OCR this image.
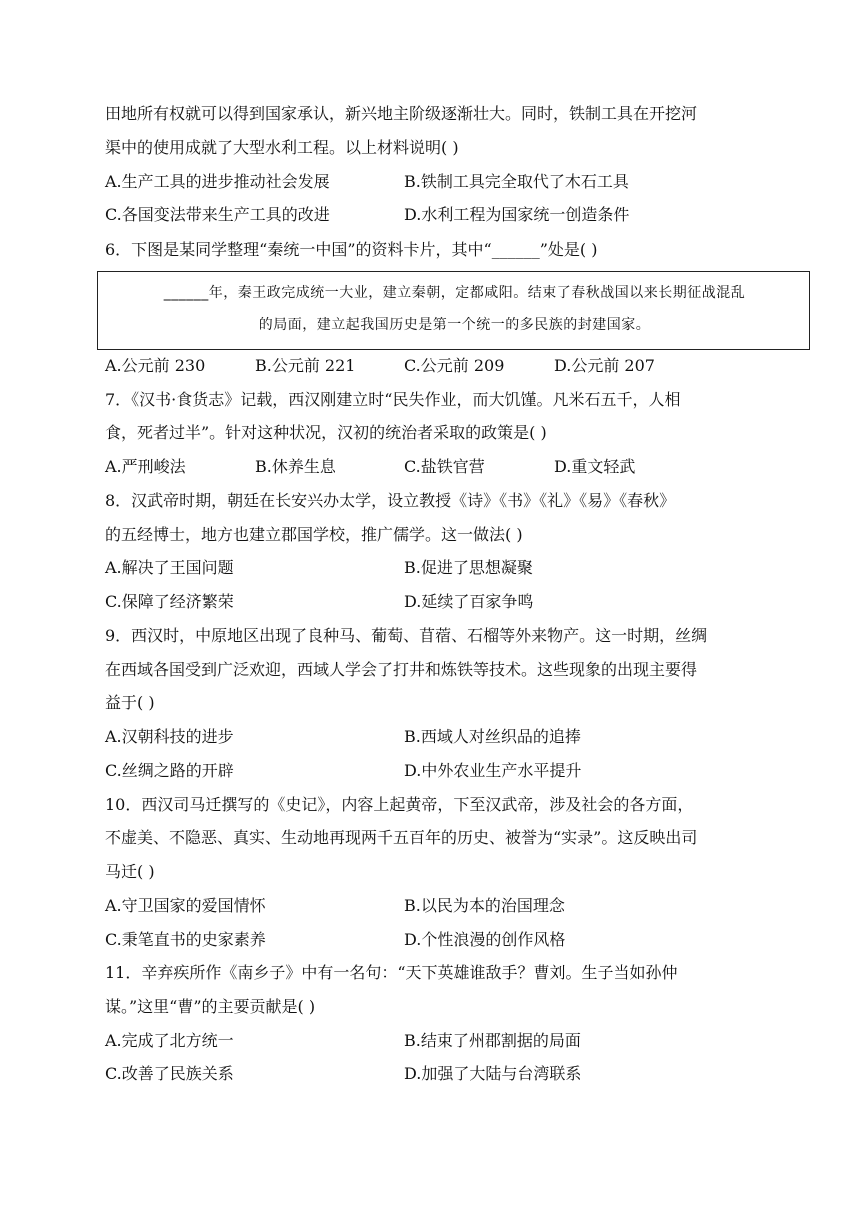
田地所有权就可以得到国家承认，新兴地主阶级逐渐壮大。同时，铁制工具在开挖河
渠中的使用成就了大型水利工程。以上材料说明( )
A.生产工具的进步推动社会发展	B.铁制工具完全取代了木石工具
C.各国变法带来生产工具的改进	D.水利工程为国家统一创造条件
6．下图是某同学整理“秦统一中国”的资料卡片，其中“______”处是( )
______年，秦王政完成统一大业，建立秦朝，定都咸阳。结束了春秋战国以来长期征战混乱
的局面，建立起我国历史是第一个统一的多民族的封建国家。
A.公元前 230	B.公元前 221	C.公元前 209	D.公元前 207
7．《汉书·食货志》记载，西汉刚建立时“民失作业，而大饥馑。凡米石五千，人相
食，死者过半”。针对这种状况，汉初的统治者采取的政策是( )
A.严刑峻法	B.休养生息	C.盐铁官营	D.重文轻武
8．汉武帝时期，朝廷在长安兴办太学，设立教授《诗》《书》《礼》《易》《春秋》
的五经博士，地方也建立郡国学校，推广儒学。这一做法( )
A.解决了王国问题	B.促进了思想凝聚
C.保障了经济繁荣	D.延续了百家争鸣
9．西汉时，中原地区出现了良种马、葡萄、苜蓿、石榴等外来物产。这一时期，丝绸
在西域各国受到广泛欢迎，西域人学会了打井和炼铁等技术。这些现象的出现主要得
益于( )
A.汉朝科技的进步	B.西域人对丝织品的追捧
C.丝绸之路的开辟	D.中外农业生产水平提升
10．西汉司马迁撰写的《史记》，内容上起黄帝，下至汉武帝，涉及社会的各方面，
不虚美、不隐恶、真实、生动地再现两千五百年的历史、被誉为“实录”。这反映出司
马迁( )
A.守卫国家的爱国情怀	B.以民为本的治国理念
C.秉笔直书的史家素养	D.个性浪漫的创作风格
11．辛弃疾所作《南乡子》中有一名句：“天下英雄谁敌手？曹刘。生子当如孙仲
谋。”这里“曹”的主要贡献是( )
A.完成了北方统一	B.结束了州郡割据的局面
C.改善了民族关系	D.加强了大陆与台湾联系
